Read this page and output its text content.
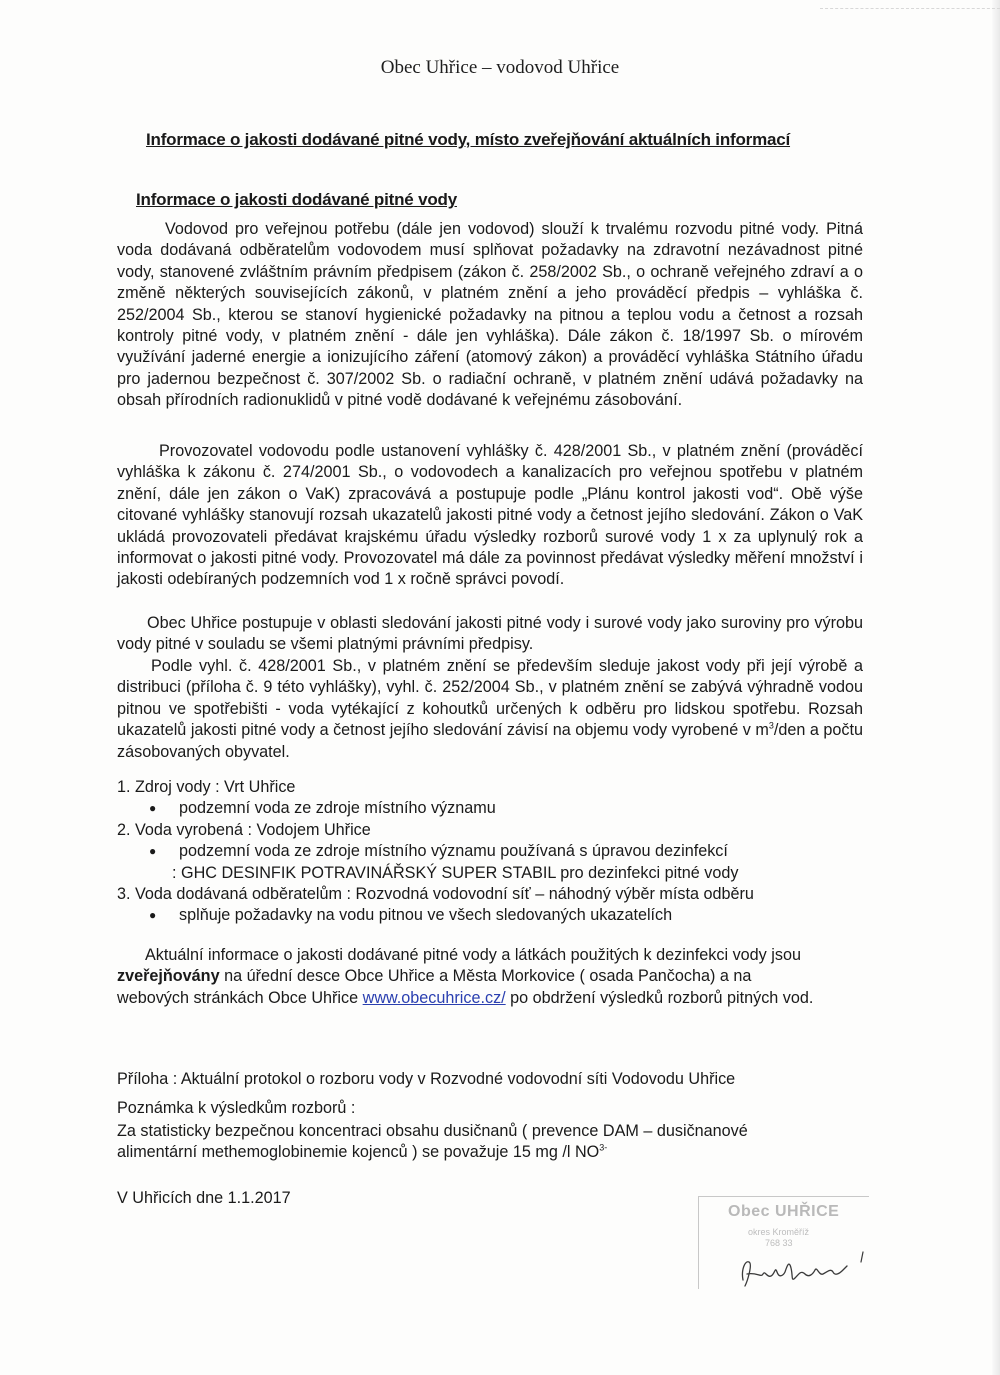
Obec Uhřice – vodovod Uhřice
Informace o jakosti dodávané pitné vody, místo zveřejňování aktuálních informací
Informace o jakosti dodávané pitné vody

Vodovod pro veřejnou potřebu (dále jen vodovod) slouží k trvalému rozvodu pitné vody. Pitná voda dodávaná odběratelům vodovodem musí splňovat požadavky na zdravotní nezávadnost pitné vody, stanovené zvláštním právním předpisem (zákon č. 258/2002 Sb., o ochraně veřejného zdraví a o změně některých souvisejících zákonů, v platném znění a jeho prováděcí předpis – vyhláška č. 252/2004 Sb., kterou se stanoví hygienické požadavky na pitnou a teplou vodu a četnost a rozsah kontroly pitné vody, v platném znění - dále jen vyhláška). Dále zákon č. 18/1997 Sb. o mírovém využívání jaderné energie a ionizujícího záření (atomový zákon) a prováděcí vyhláška Státního úřadu pro jadernou bezpečnost č. 307/2002 Sb. o radiační ochraně, v platném znění udává požadavky na obsah přírodních radionuklidů v pitné vodě dodávané k veřejnému zásobování.

Provozovatel vodovodu podle ustanovení vyhlášky č. 428/2001 Sb., v platném znění (prováděcí vyhláška k zákonu č. 274/2001 Sb., o vodovodech a kanalizacích pro veřejnou spotřebu v platném znění, dále jen zákon o VaK) zpracovává a postupuje podle „Plánu kontrol jakosti vod“. Obě výše citované vyhlášky stanovují rozsah ukazatelů jakosti pitné vody a četnost jejího sledování. Zákon o VaK ukládá provozovateli předávat krajskému úřadu výsledky rozborů surové vody 1 x za uplynulý rok a informovat o jakosti pitné vody. Provozovatel má dále za povinnost předávat výsledky měření množství i jakosti odebíraných podzemních vod 1 x ročně správci povodí.

Obec Uhřice postupuje v oblasti sledování jakosti pitné vody i surové vody jako suroviny pro výrobu vody pitné v souladu se všemi platnými právními předpisy.

Podle vyhl. č. 428/2001 Sb., v platném znění se především sleduje jakost vody při její výrobě a distribuci (příloha č. 9 této vyhlášky), vyhl. č. 252/2004 Sb., v platném znění se zabývá výhradně vodou pitnou ve spotřebišti - voda vytékající z kohoutků určených k odběru pro lidskou spotřebu. Rozsah ukazatelů jakosti pitné vody a četnost jejího sledování závisí na objemu vody vyrobené v $m^3$/den a počtu zásobovaných obyvatel.

1. Zdroj vody : Vrt Uhřice
● podzemní voda ze zdroje místního významu
2. Voda vyrobená : Vodojem Uhřice
● podzemní voda ze zdroje místního významu používaná s úpravou dezinfekcí
: GHC DESINFIK POTRAVINÁŘSKÝ SUPER STABIL pro dezinfekci pitné vody
3. Voda dodávaná odběratelům : Rozvodná vodovodní síť – náhodný výběr místa odběru
● splňuje požadavky na vodu pitnou ve všech sledovaných ukazatelích

Aktuální informace o jakosti dodávané pitné vody a látkách použitých k dezinfekci vody jsou zveřejňovány na úřední desce Obce Uhřice a Města Morkovice ( osada Pančocha) a na webových stránkách Obce Uhřice www.obecuhrice.cz/ po obdržení výsledků rozborů pitných vod.

Příloha : Aktuální protokol o rozboru vody v Rozvodné vodovodní síti Vodovodu Uhřice
Poznámka k výsledkům rozborů :
Za statisticky bezpečnou koncentraci obsahu dusičnanů ( prevence DAM – dusičnanové
alimentární methemoglobinemie kojenců ) se považuje 15 mg /l $NO^{3-}$
V Uhřicích dne 1.1.2017
Obec UHŘICE
okres Kroměříž
768 33
